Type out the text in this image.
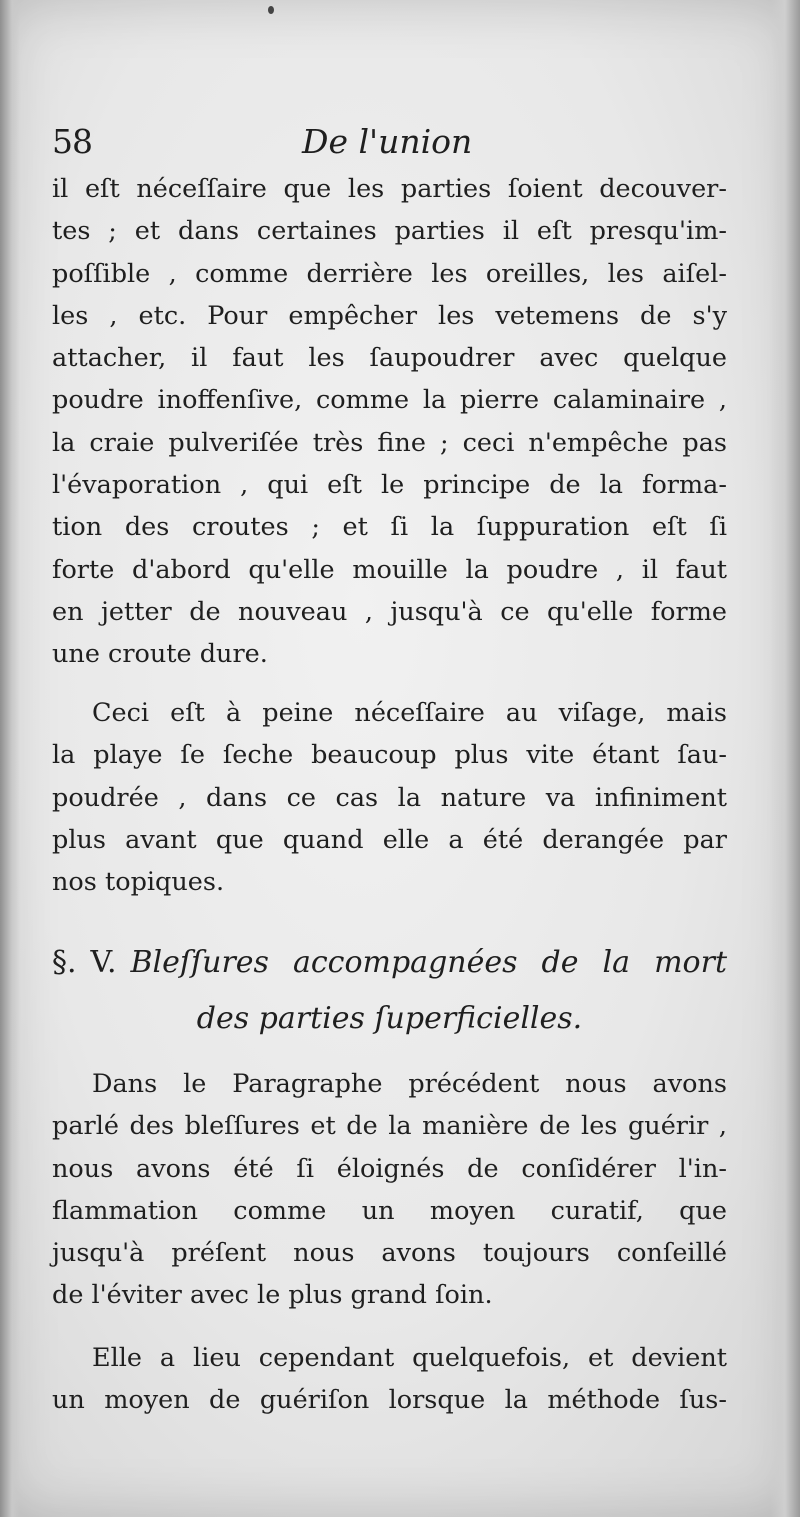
58	De l'union
il eſt néceſſaire que les parties ſoient decouver-
tes ; et dans certaines parties il eſt presqu'im-
poſſible , comme derrière les oreilles, les aiſel-
les , etc. Pour empêcher les vetemens de s'y
attacher, il faut les ſaupoudrer avec quelque
poudre inoffenſive, comme la pierre calaminaire ,
la craie pulveriſée très fine ; ceci n'empêche pas
l'évaporation , qui eſt le principe de la forma-
tion des croutes ; et ſi la ſuppuration eſt ſi
forte d'abord qu'elle mouille la poudre , il faut
en jetter de nouveau , jusqu'à ce qu'elle forme
une croute dure.
Ceci eſt à peine néceſſaire au viſage, mais
la playe ſe ſeche beaucoup plus vite étant ſau-
poudrée , dans ce cas la nature va infiniment
plus avant que quand elle a été derangée par
nos topiques.
§. V. Bleſſures accompagnées de la mort
des parties ſuperficielles.
Dans le Paragraphe précédent nous avons
parlé des bleſſures et de la manière de les guérir ,
nous avons été ſi éloignés de conſidérer l'in-
flammation comme un moyen curatif, que
jusqu'à préſent nous avons toujours conſeillé
de l'éviter avec le plus grand ſoin.
Elle a lieu cependant quelquefois, et devient
un moyen de guériſon lorsque la méthode ſus-
